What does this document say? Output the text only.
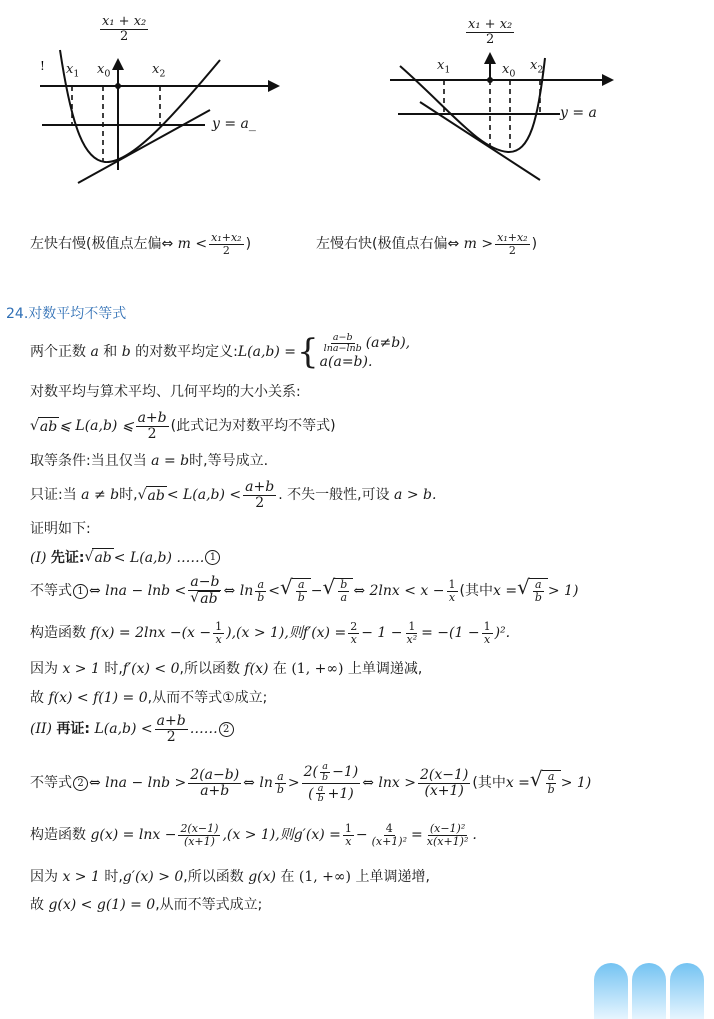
! $x_1$ $x_0$	$x_2$
$\frac{\text{x₁ + x₂}}{2}$
y = a_
$x_1$	$x_0$
$x_2$
$\frac{\text{x₁ + x₂}}{2}$
y = a
左快右慢(极值点左偏⇔ $m < \frac{\text{x₁+x₂}}{2}$ )	左慢右快(极值点右偏⇔ $m > \frac{\text{x₁+x₂}}{2}$ )
24.对数平均不等式
两个正数
a
和
b
的对数平均定义: L(a,b) = { $\frac{a-b}{\ln a-\ln b} (a\ne b)$,
a(a=b).
对数平均与算术平均、几何平均的大小关系:
√ ab ⩽ L(a,b) ⩽ $\frac{a+b}{2}$ (此式记为对数平均不等式)
取等条件:当且仅当
a = b 时,等号成立.
只证:当
a ≠ b 时, √ ab < $L(a,b) < \frac{a+b}{2}$ . 不失一般性,可设 a > b.
证明如下:
(I)
先证: √ ab < L(a,b) …… 1
不等式 1 ⇔ $\ln a - \ln b < \frac{a-b}{√ ab}$ ⇔ $\ln \frac{a}{b}$ < √ $\frac{a}{b}$ − √ $\frac{b}{a}$ ⇔ $2\ln x < x - \frac{1}{x}$ (其中 x = √ $\frac{a}{b} > 1$)
构造函数
$f(x) = 2\ln x - (x - \frac{1}{x} ),(x > 1)$,则 $f'(x) = \frac{2}{x} - 1 - \frac{1}{\text{x²}} = -(1 - \frac{1}{x} )^2$.
因为
x > 1
时, f′(x) < 0 ,所以函数
f(x)
在
(1, +∞)
上单调递减,
故
f(x) < f(1) = 0 ,从而不等式①成立;
(II)
再证:
$L(a,b) < \frac{a+b}{2}$ …… 2
不等式 2 ⇔ $\ln a - \ln b > \frac{2(a-b)}{a+b}$ ⇔ $\ln \frac{a}{b} > \frac{2( \frac{a}{b} -1)}{( \frac{a}{b} +1)}$ ⇔ $\ln x > \frac{2(x-1)}{(x+1)}$ (其中 x = √ $\frac{a}{b} > 1$)
构造函数
$g(x) = \ln x - \frac{2(x-1)}{(x+1)} ,(x > 1)$,则 $g'(x) = \frac{1}{x} - \frac{4}{\text{(x+1)²}} = \frac{\text{(x−1)²}}{\text{x(x+1)²}}$ .
因为
x > 1
时, g′(x) > 0 ,所以函数
g(x)
在
(1, +∞)
上单调递增,
故
g(x) < g(1) = 0 ,从而不等式成立;
